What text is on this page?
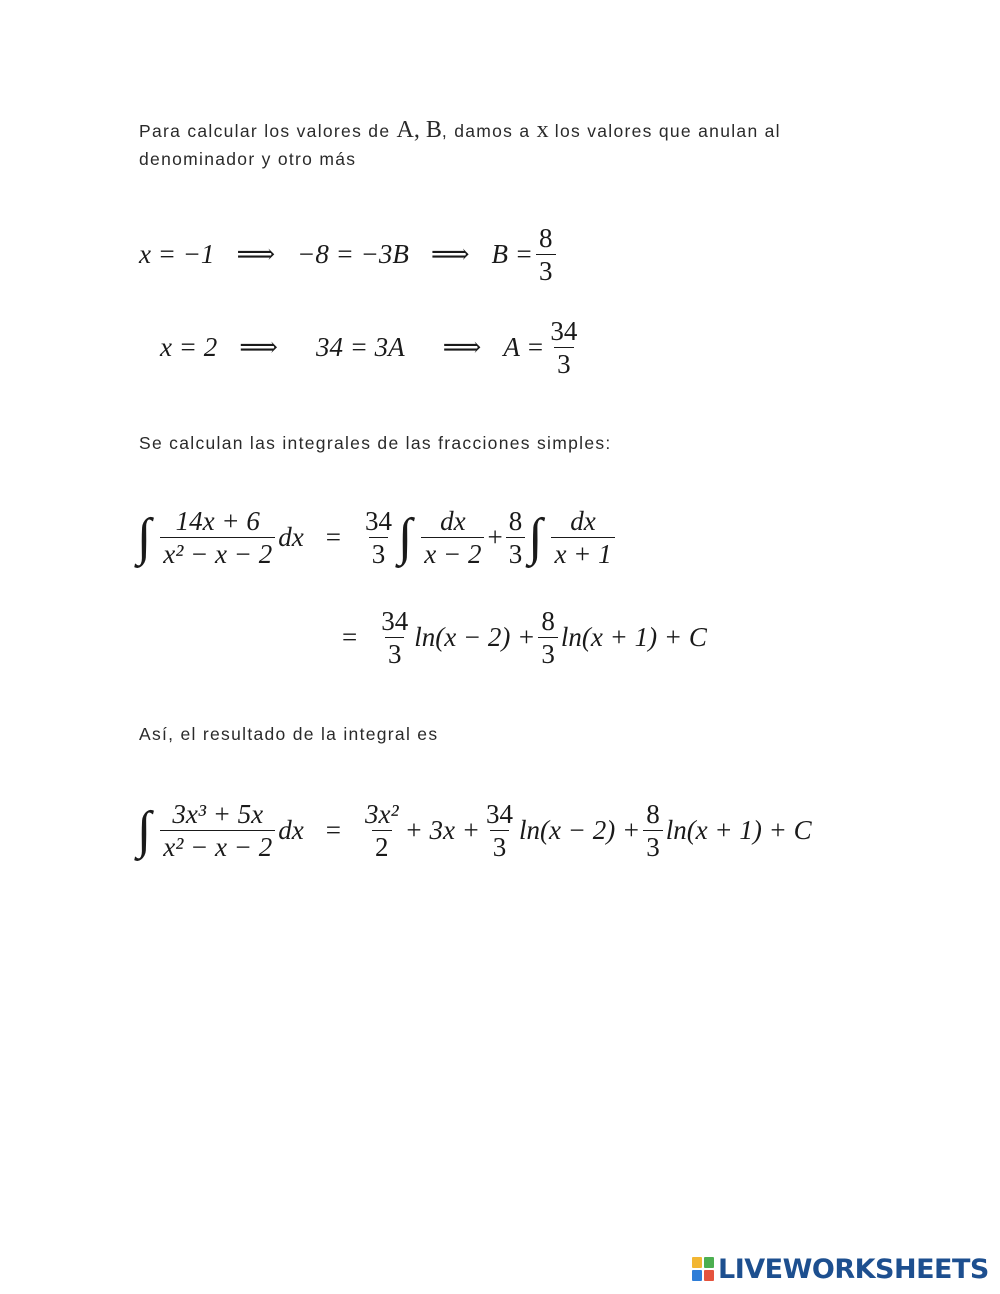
Para calcular los valores de A, B, damos a x los valores que anulan al
denominador y otro más
x = −1 ⟹ −8 = −3B ⟹ $B = \frac{8}{3}$
x = 2 ⟹ 34 = 3A ⟹ $A = \frac{34}{3}$
Se calculan las integrales de las fracciones simples:
∫ $\frac{14x + 6}{\text{x² − x − 2}}$ dx = $\frac{34}{3}$ ∫ $\frac{dx}{x - 2} + \frac{8}{3}$ ∫ $\frac{dx}{x + 1}$
= $\frac{34}{3} \ln(x - 2) + \frac{8}{3} \ln(x + 1) + C$
Así, el resultado de la integral es
∫ $\frac{\text{3x³ + 5x}}{\text{x² − x − 2}}$ dx = $\frac{\text{3x²}}{2} + 3x + \frac{34}{3} \ln(x - 2) + \frac{8}{3} \ln(x + 1) + C$
LIVEWORKSHEETS
